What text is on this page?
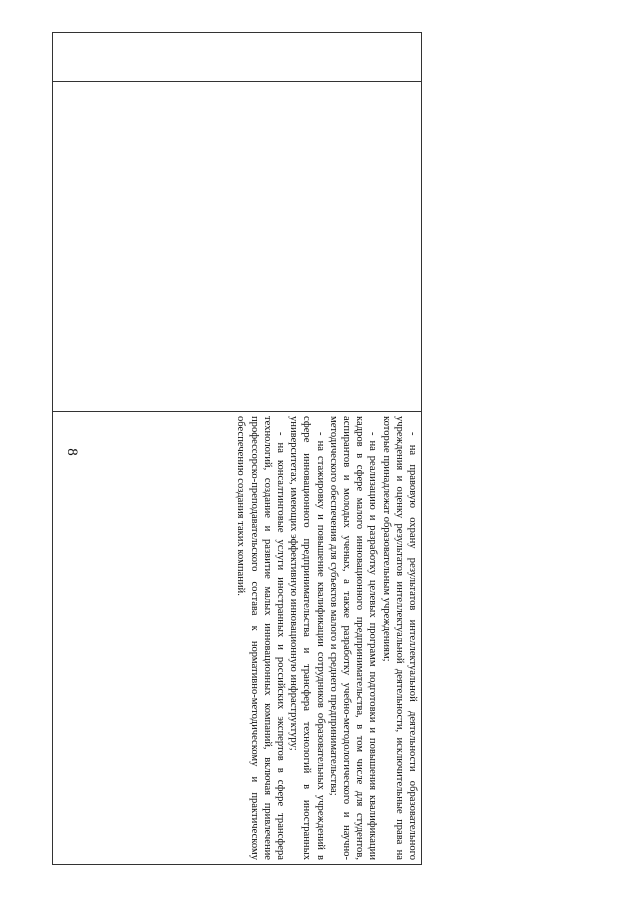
8
			- на правовую охрану результатов интеллектуальной деятельности образовательного учреждения и оценку результатов интеллектуальной деятельности, исключительные права на которые принадлежат образовательным учреждениям;

- на реализацию и разработку целевых программ подготовки и повышения квалификации кадров в сфере малого инновационного предпринимательства, в том числе для студентов, аспирантов и молодых ученых, а также разработку учебно-методологического и научно-методического обеспечения для субъектов малого и среднего предпринимательства;

- на стажировку и повышение квалификации сотрудников образовательных учреждений в сфере инновационного предпринимательства и трансфера технологий в иностранных университетах, имеющих эффективную инновационную инфраструктуру;

- на консалтинговые услуги иностранных и российских экспертов в сфере трансфера технологий, создание и развитие малых инновационных компаний, включая привлечение профессорско-преподавательского состава к нормативно-методическому и практическому обеспечению создания таких компаний.
